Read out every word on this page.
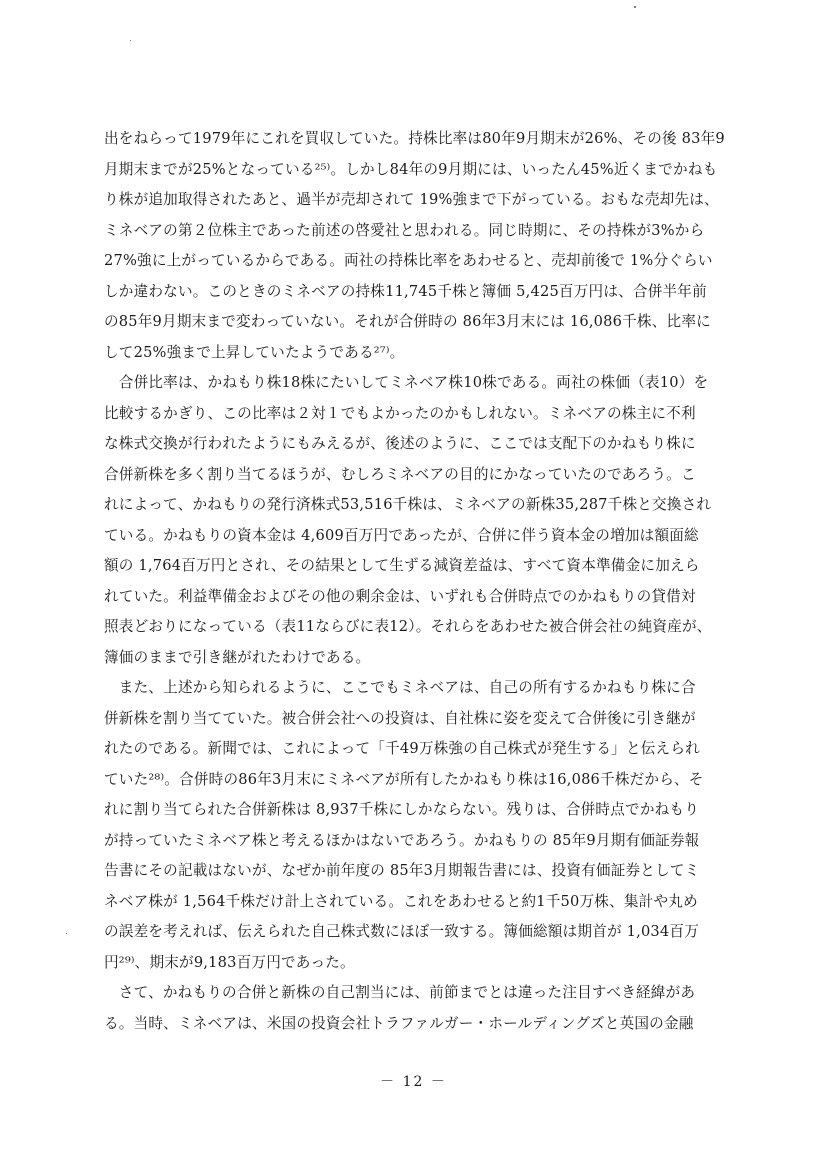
出をねらって1979年にこれを買収していた。持株比率は80年9月期末が26%、その後 83年9
月期末までが25%となっている²⁵⁾。しかし84年の9月期には、いったん45%近くまでかねも
り株が追加取得されたあと、過半が売却されて 19%強まで下がっている。おもな売却先は、
ミネベアの第２位株主であった前述の啓愛社と思われる。同じ時期に、その持株が3%から
27%強に上がっているからである。両社の持株比率をあわせると、売却前後で 1%分ぐらい
しか違わない。このときのミネベアの持株11,745千株と簿価 5,425百万円は、合併半年前
の85年9月期末まで変わっていない。それが合併時の 86年3月末には 16,086千株、比率に
して25%強まで上昇していたようである²⁷⁾。
　合併比率は、かねもり株18株にたいしてミネベア株10株である。両社の株価（表10）を
比較するかぎり、この比率は２対１でもよかったのかもしれない。ミネベアの株主に不利
な株式交換が行われたようにもみえるが、後述のように、ここでは支配下のかねもり株に
合併新株を多く割り当てるほうが、むしろミネベアの目的にかなっていたのであろう。こ
れによって、かねもりの発行済株式53,516千株は、ミネベアの新株35,287千株と交換され
ている。かねもりの資本金は 4,609百万円であったが、合併に伴う資本金の増加は額面総
額の 1,764百万円とされ、その結果として生ずる減資差益は、すべて資本準備金に加えら
れていた。利益準備金およびその他の剰余金は、いずれも合併時点でのかねもりの貸借対
照表どおりになっている（表11ならびに表12）。それらをあわせた被合併会社の純資産が、
簿価のままで引き継がれたわけである。
　また、上述から知られるように、ここでもミネベアは、自己の所有するかねもり株に合
併新株を割り当てていた。被合併会社への投資は、自社株に姿を変えて合併後に引き継が
れたのである。新聞では、これによって「千49万株強の自己株式が発生する」と伝えられ
ていた²⁸⁾。合併時の86年3月末にミネベアが所有したかねもり株は16,086千株だから、そ
れに割り当てられた合併新株は 8,937千株にしかならない。残りは、合併時点でかねもり
が持っていたミネベア株と考えるほかはないであろう。かねもりの 85年9月期有価証券報
告書にその記載はないが、なぜか前年度の 85年3月期報告書には、投資有価証券としてミ
ネベア株が 1,564千株だけ計上されている。これをあわせると約1千50万株、集計や丸め
の誤差を考えれば、伝えられた自己株式数にほぼ一致する。簿価総額は期首が 1,034百万
円²⁹⁾、期末が9,183百万円であった。
　さて、かねもりの合併と新株の自己割当には、前節までとは違った注目すべき経緯があ
る。当時、ミネベアは、米国の投資会社トラファルガー・ホールディングズと英国の金融
－ 12 －
